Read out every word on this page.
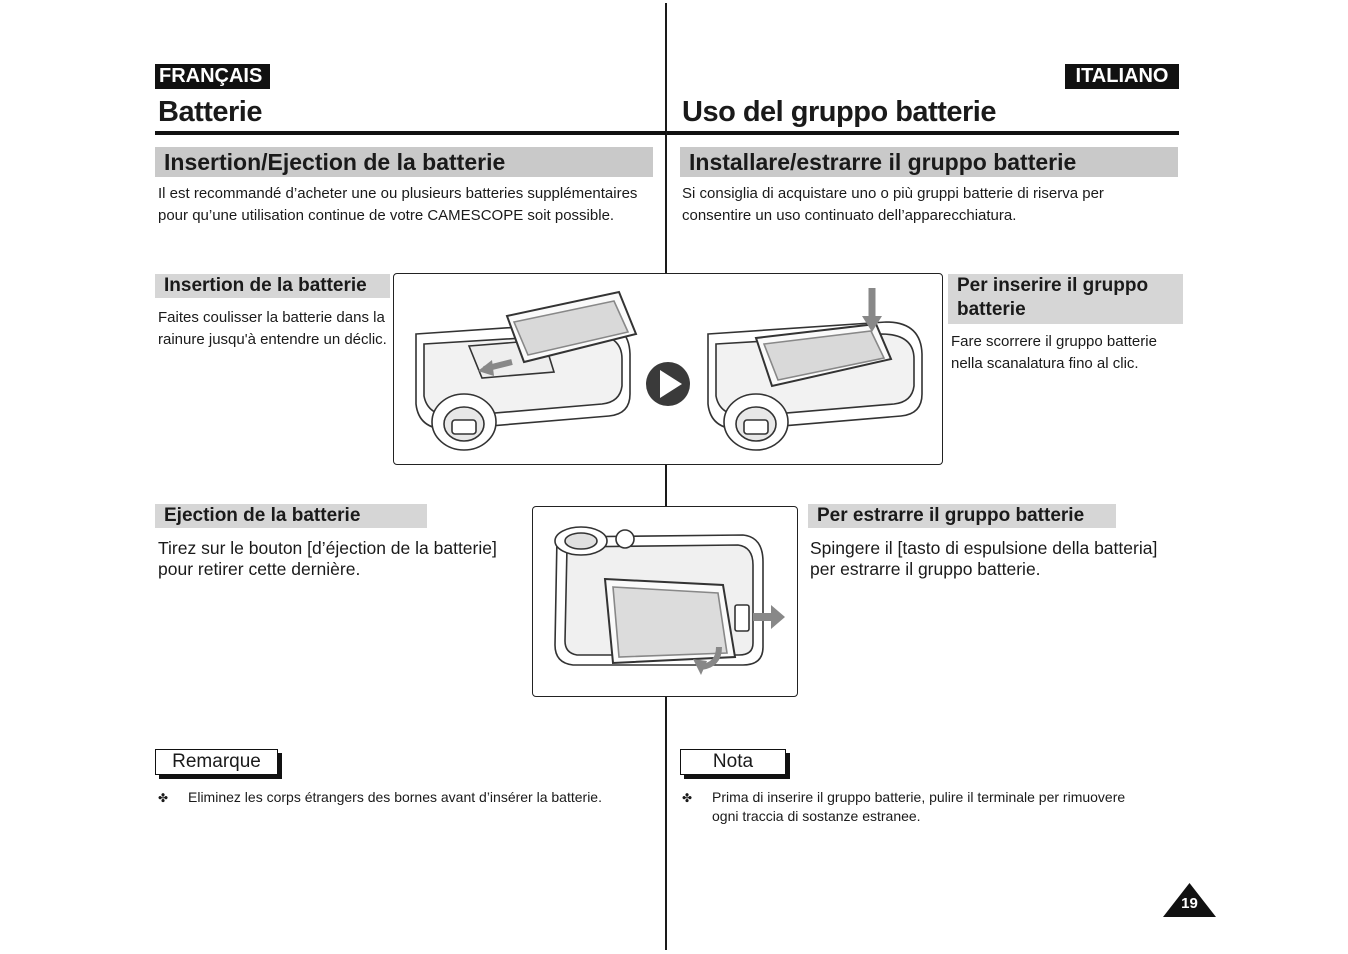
FRANÇAIS	ITALIANO
Batterie	Uso del gruppo batterie
Insertion/Ejection de la batterie	Installare/estrarre il gruppo batterie
Il est recommandé d’acheter une ou plusieurs batteries supplémentaires pour qu’une utilisation continue de votre CAMESCOPE soit possible.
Si consiglia di acquistare uno o più gruppi batterie di riserva per consentire un uso continuato dell’apparecchiatura.
Insertion de la batterie
Faites coulisser la batterie dans la rainure jusqu'à entendre un déclic.
Per inserire il gruppo batterie
Fare scorrere il gruppo batterie nella scanalatura fino al clic.
Ejection de la batterie
Tirez sur le bouton [d’éjection de la batterie] pour retirer cette dernière.
Per estrarre il gruppo batterie
Spingere il [tasto di espulsione della batteria] per estrarre il gruppo batterie.
Remarque	Nota
✤ Eliminez les corps étrangers des bornes avant d’insérer la batterie.	✤ Prima di inserire il gruppo batterie, pulire il terminale per rimuovere ogni traccia di sostanze estranee.
19
